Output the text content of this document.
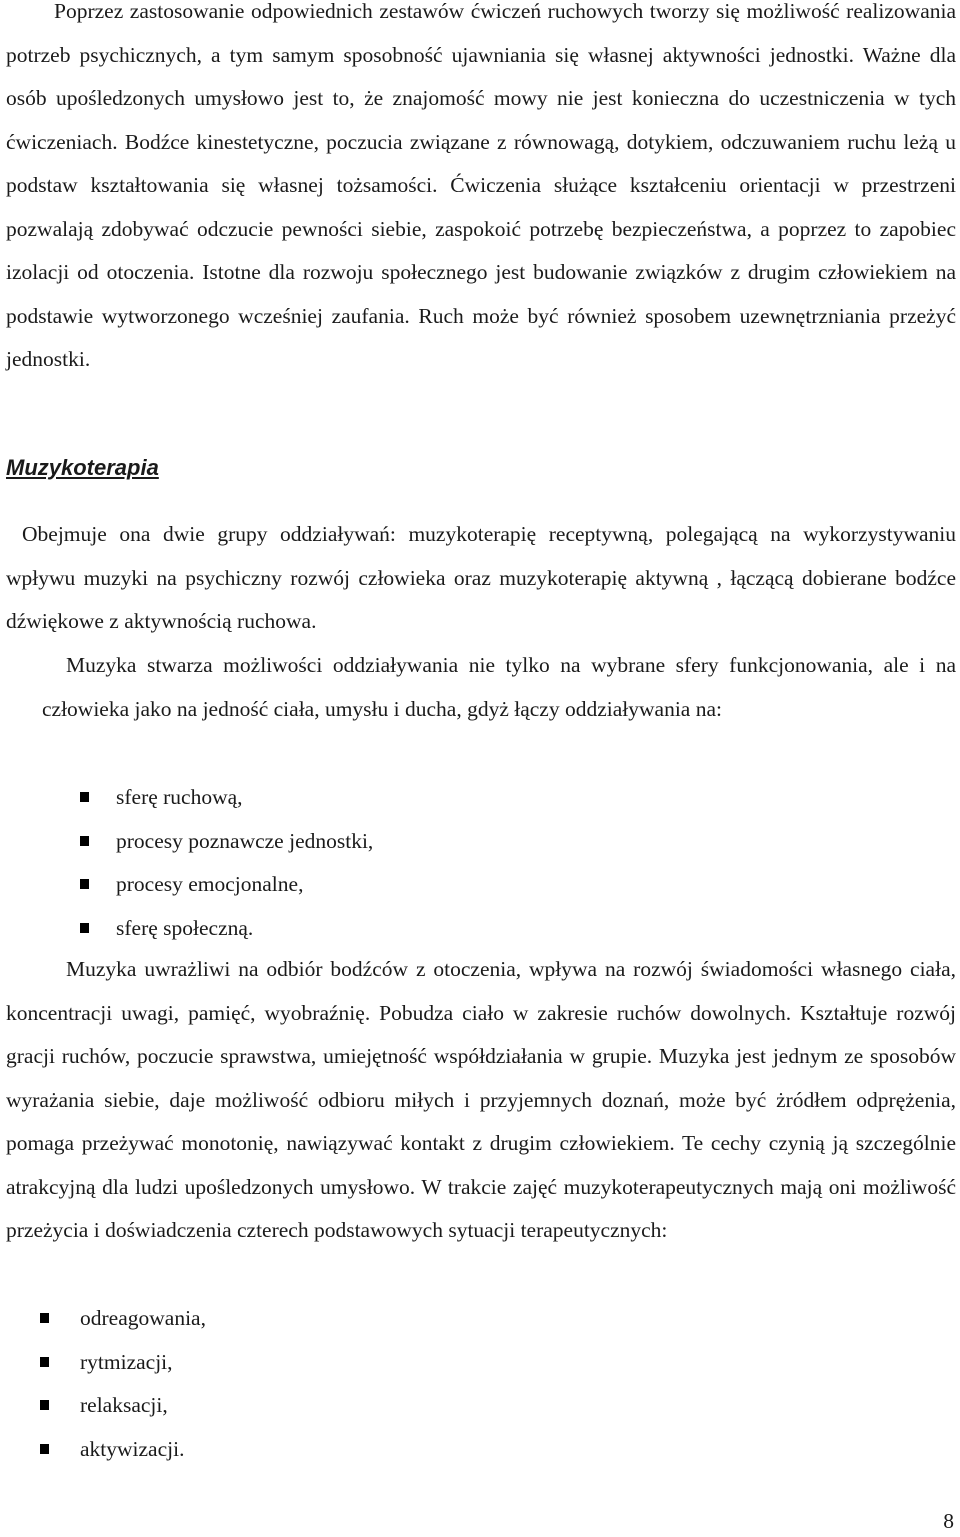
Poprzez zastosowanie odpowiednich zestawów ćwiczeń ruchowych tworzy się możliwość realizowania potrzeb psychicznych, a tym samym sposobność ujawniania się własnej aktywności jednostki. Ważne dla osób upośledzonych umysłowo jest to, że znajomość mowy nie jest konieczna do uczestniczenia w tych ćwiczeniach. Bodźce kinestetyczne, poczucia związane z równowagą, dotykiem, odczuwaniem ruchu leżą u podstaw kształtowania się własnej tożsamości. Ćwiczenia służące kształceniu orientacji w przestrzeni pozwalają zdobywać odczucie pewności siebie, zaspokoić potrzebę bezpieczeństwa, a poprzez to zapobiec izolacji od otoczenia. Istotne dla rozwoju społecznego jest budowanie związków z drugim człowiekiem na podstawie wytworzonego wcześniej zaufania. Ruch może być również sposobem uzewnętrzniania przeżyć jednostki.

Muzykoterapia

Obejmuje ona dwie grupy oddziaływań: muzykoterapię receptywną, polegającą na wykorzystywaniu wpływu muzyki na psychiczny rozwój człowieka oraz muzykoterapię aktywną , łączącą dobierane bodźce dźwiękowe z aktywnością ruchowa.

Muzyka stwarza możliwości oddziaływania nie tylko na wybrane sfery funkcjonowania, ale i na człowieka jako na jedność ciała, umysłu i ducha, gdyż łączy oddziaływania na:

sferę ruchową,
procesy poznawcze jednostki,
procesy emocjonalne,
sferę społeczną.

Muzyka uwrażliwi na odbiór bodźców z otoczenia, wpływa na rozwój świadomości własnego ciała, koncentracji uwagi, pamięć, wyobraźnię. Pobudza ciało w zakresie ruchów dowolnych. Kształtuje rozwój gracji ruchów, poczucie sprawstwa, umiejętność współdziałania w grupie. Muzyka jest jednym ze sposobów wyrażania siebie, daje możliwość odbioru miłych i przyjemnych doznań, może być żródłem odprężenia, pomaga przeżywać monotonię, nawiązywać kontakt z drugim człowiekiem. Te cechy czynią ją szczególnie atrakcyjną dla ludzi upośledzonych umysłowo. W trakcie zajęć muzykoterapeutycznych mają oni możliwość przeżycia i doświadczenia czterech podstawowych sytuacji terapeutycznych:

odreagowania,
rytmizacji,
relaksacji,
aktywizacji.
8
